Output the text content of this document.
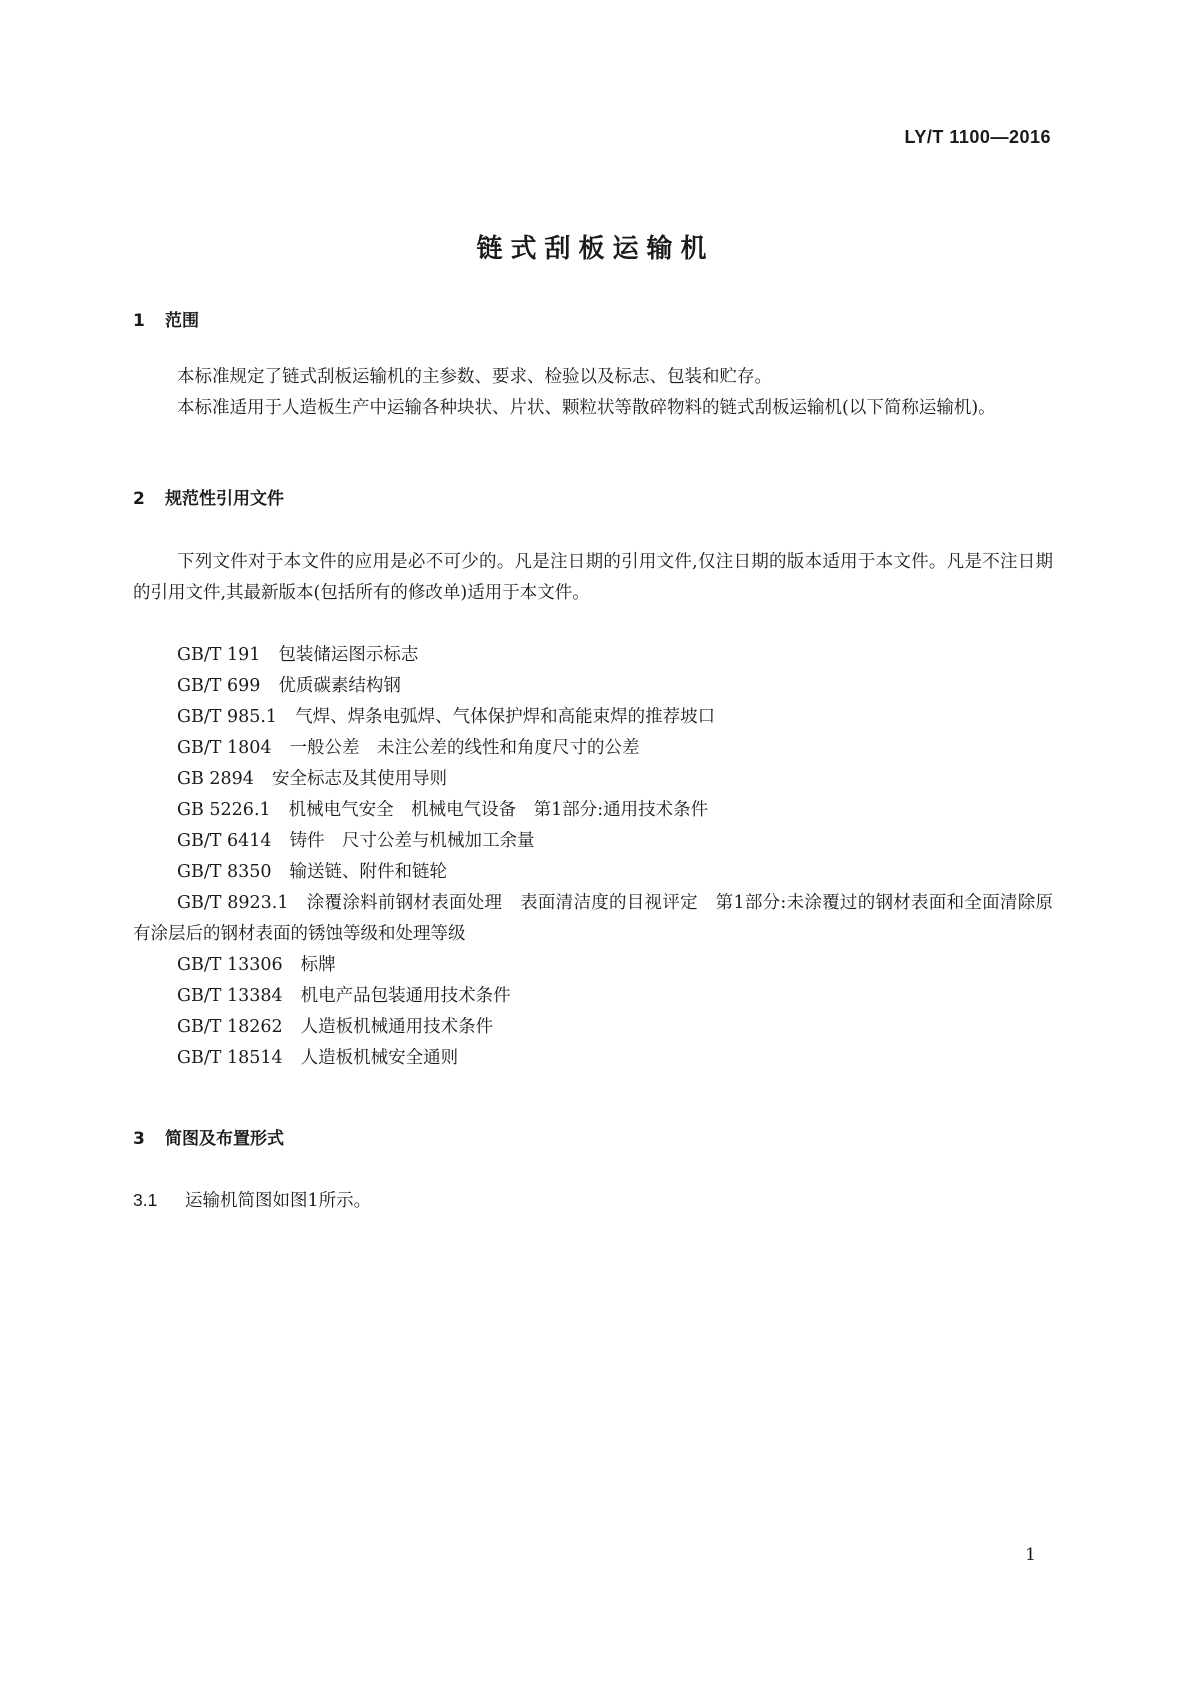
LY/T 1100—2016
链式刮板运输机
1 范围
本标准规定了链式刮板运输机的主参数、要求、检验以及标志、包装和贮存。
本标准适用于人造板生产中运输各种块状、片状、颗粒状等散碎物料的链式刮板运输机(以下简称运输机)。
2 规范性引用文件
下列文件对于本文件的应用是必不可少的。凡是注日期的引用文件,仅注日期的版本适用于本文件。凡是不注日期的引用文件,其最新版本(包括所有的修改单)适用于本文件。
GB/T 191 包装储运图示标志
GB/T 699 优质碳素结构钢
GB/T 985.1 气焊、焊条电弧焊、气体保护焊和高能束焊的推荐坡口
GB/T 1804 一般公差　未注公差的线性和角度尺寸的公差
GB 2894 安全标志及其使用导则
GB 5226.1 机械电气安全　机械电气设备　第1部分:通用技术条件
GB/T 6414 铸件　尺寸公差与机械加工余量
GB/T 8350 输送链、附件和链轮
GB/T 8923.1 涂覆涂料前钢材表面处理　表面清洁度的目视评定　第1部分:未涂覆过的钢材表面和全面清除原有涂层后的钢材表面的锈蚀等级和处理等级
GB/T 13306 标牌
GB/T 13384 机电产品包装通用技术条件
GB/T 18262 人造板机械通用技术条件
GB/T 18514 人造板机械安全通则
3 简图及布置形式
3.1 运输机简图如图1所示。
1
